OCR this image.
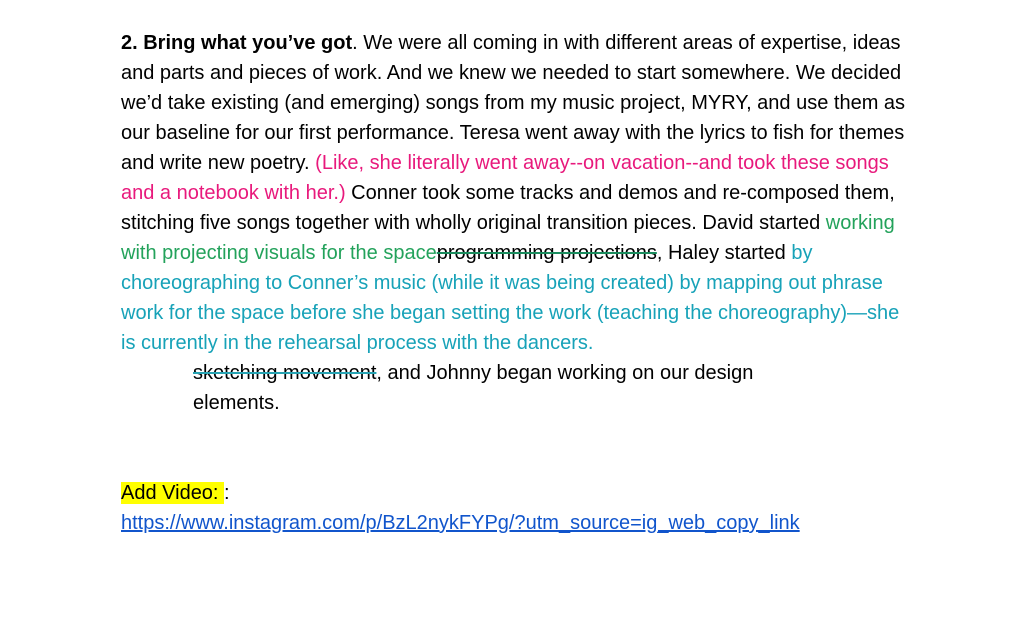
2. Bring what you’ve got. We were all coming in with different areas of expertise, ideas and parts and pieces of work. And we knew we needed to start somewhere. We decided we’d take existing (and emerging) songs from my music project, MYRY, and use them as our baseline for our first performance. Teresa went away with the lyrics to fish for themes and write new poetry. (Like, she literally went away--on vacation--and took these songs and a notebook with her.) Conner took some tracks and demos and re-composed them, stitching five songs together with wholly original transition pieces. David started working with projecting visuals for the spaceprogramming projections, Haley started by choreographing to Conner’s music (while it was being created) by mapping out phrase work for the space before she began setting the work (teaching the choreography)—she is currently in the rehearsal process with the dancers.

sketching movement, and Johnny began working on our design elements.

Add Video: :

https://www.instagram.com/p/BzL2nykFYPg/?utm_source=ig_web_copy_link
